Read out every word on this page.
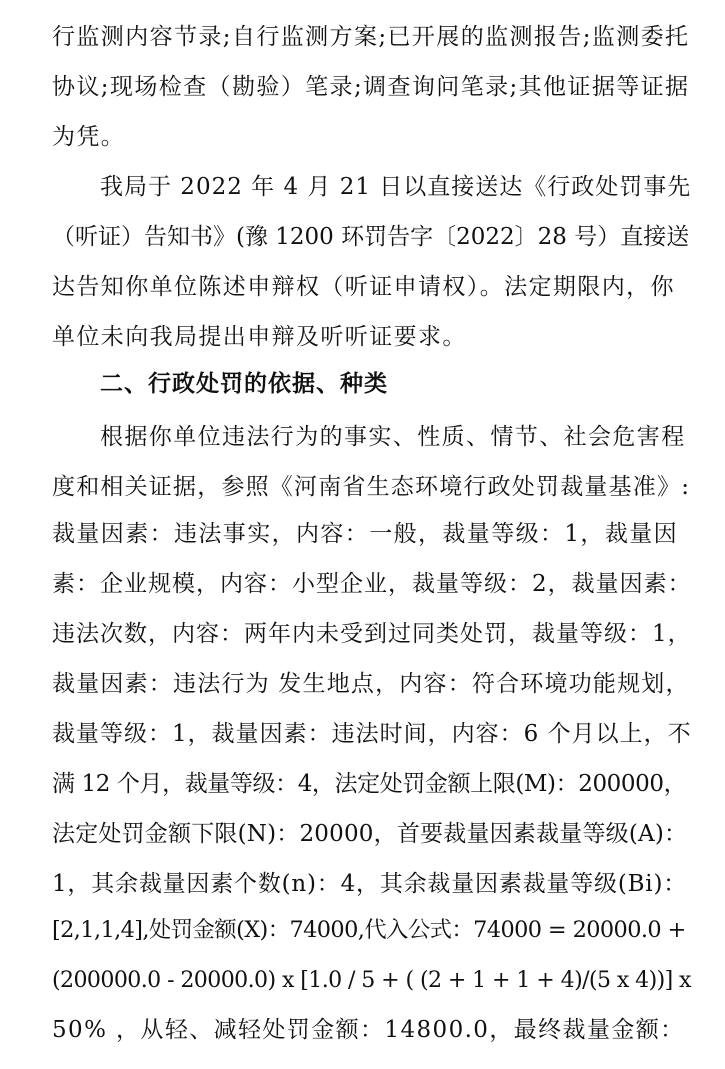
行监测内容节录;自行监测方案;已开展的监测报告;监测委托
协议;现场检查（勘验）笔录;调查询问笔录;其他证据等证据
为凭。
我局于 2022 年 4 月 21 日以直接送达《行政处罚事先
（听证）告知书》(豫 1200 环罚告字〔2022〕28 号）直接送
达告知你单位陈述申辩权（听证申请权）。法定期限内，你
单位未向我局提出申辩及听听证要求。
二、行政处罚的依据、种类
根据你单位违法行为的事实、性质、情节、社会危害程
度和相关证据，参照《河南省生态环境行政处罚裁量基准》:
裁量因素：违法事实，内容：一般，裁量等级：1，裁量因
素：企业规模，内容：小型企业，裁量等级：2，裁量因素：
违法次数，内容：两年内未受到过同类处罚，裁量等级：1，
裁量因素：违法行为 发生地点，内容：符合环境功能规划，
裁量等级：1，裁量因素：违法时间，内容：6 个月以上，不
满 12 个月，裁量等级：4，法定处罚金额上限(M)：200000，
法定处罚金额下限(N)：20000，首要裁量因素裁量等级(A)：
1，其余裁量因素个数(n)：4，其余裁量因素裁量等级(Bi)：
[2,1,1,4],处罚金额(X)：74000,代入公式：74000 = 20000.0 +
(200000.0 - 20000.0) x [1.0 / 5 + ( (2 + 1 + 1 + 4)/(5 x 4))] x
50% ，从轻、减轻处罚金额：14800.0，最终裁量金额：
